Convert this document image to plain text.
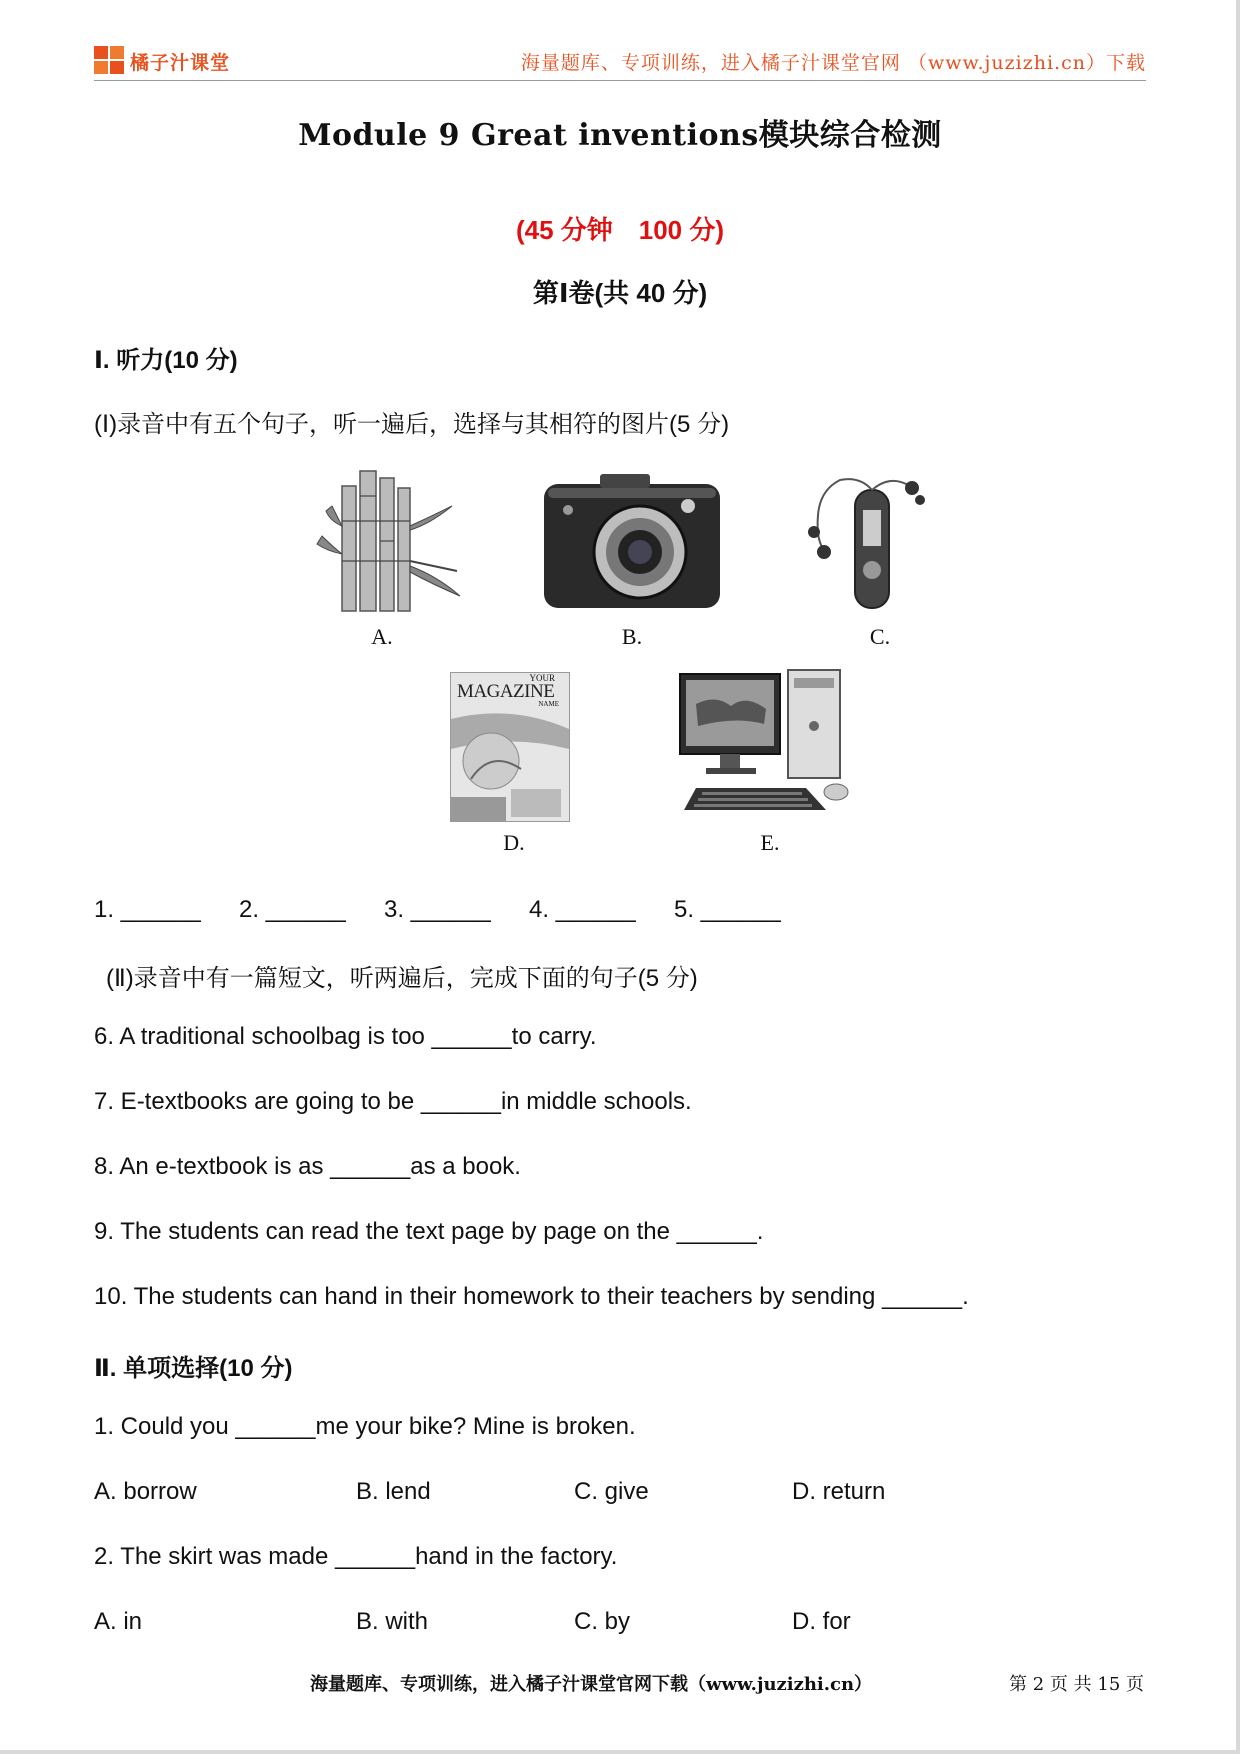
橘子汁课堂	海量题库、专项训练，进入橘子汁课堂官网 （www.juzizhi.cn）下载
Module 9 Great inventions模块综合检测
(45 分钟　100 分)
第Ⅰ卷(共 40 分)
Ⅰ. 听力(10 分)
(Ⅰ)录音中有五个句子，听一遍后，选择与其相符的图片(5 分)
A.	B.	C.
YOUR
MAGAZINE
NAME
D.	E.
1. ______	2. ______	3. ______	4. ______	5. ______
(Ⅱ)录音中有一篇短文，听两遍后，完成下面的句子(5 分)
6. A traditional schoolbag is too ______to carry.
7. E-textbooks are going to be ______in middle schools.
8. An e-textbook is as ______as a book.
9. The students can read the text page by page on the ______.
10. The students can hand in their homework to their teachers by sending ______.
Ⅱ. 单项选择(10 分)
1. Could you ______me your bike? Mine is broken.
A. borrow	B. lend	C. give	D. return
2. The skirt was made ______hand in the factory.
A. in	B. with	C. by	D. for
海量题库、专项训练，进入橘子汁课堂官网下载（www.juzizhi.cn）	第 2 页 共 15 页
